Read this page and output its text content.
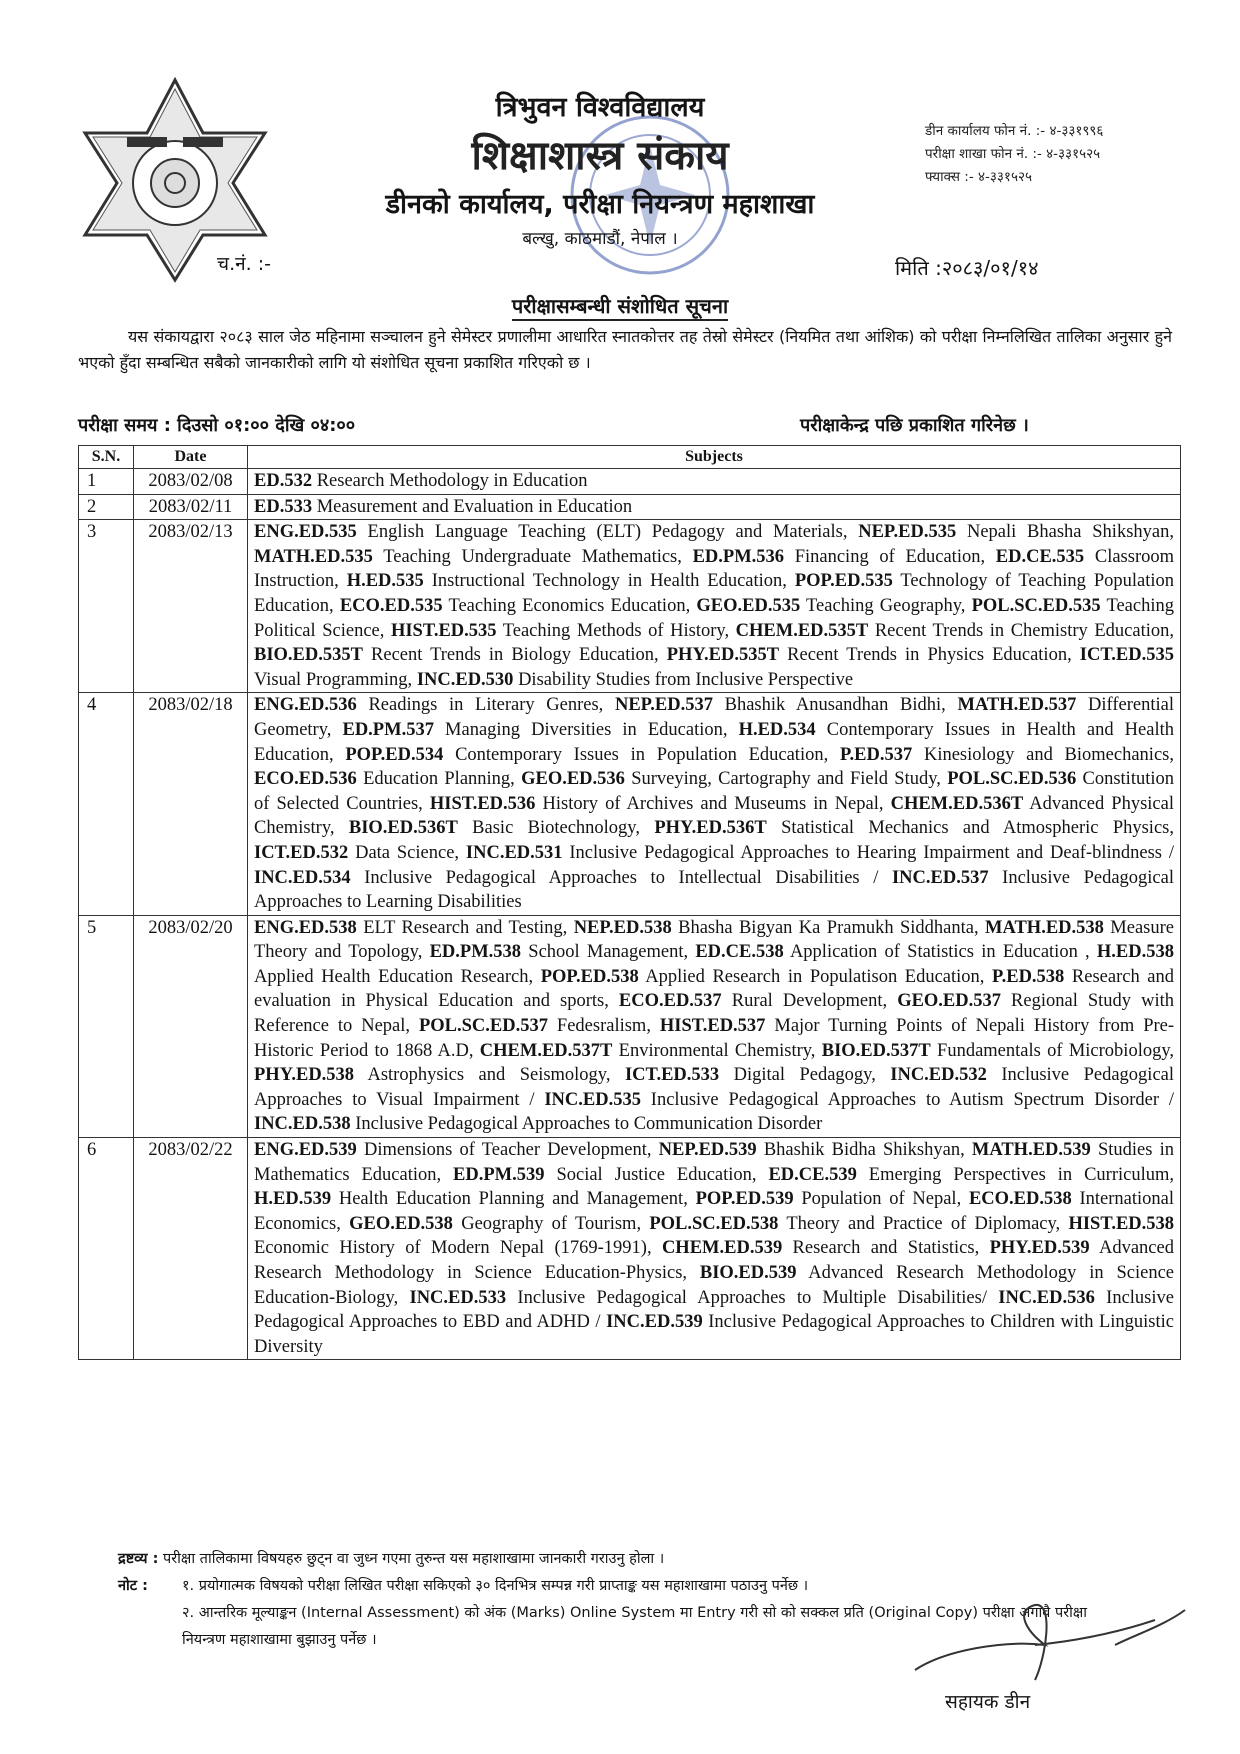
च.नं. :-
त्रिभुवन विश्वविद्यालय
शिक्षाशास्त्र संकाय
डीनको कार्यालय, परीक्षा नियन्त्रण महाशाखा
बल्खु, काठमाडौं, नेपाल ।
डीन कार्यालय फोन नं. :- ४-३३१९९६
परीक्षा शाखा फोन नं. :- ४-३३१५२५
फ्याक्स :- ४-३३१५२५
मिति :२०८३/०१/१४
परीक्षासम्बन्धी संशोधित सूचना
यस संकायद्वारा २०८३ साल जेठ महिनामा सञ्चालन हुने सेमेस्टर प्रणालीमा आधारित स्नातकोत्तर तह तेस्रो सेमेस्टर (नियमित तथा आंशिक) को परीक्षा निम्नलिखित तालिका अनुसार हुने भएको हुँदा सम्बन्धित सबैको जानकारीको लागि यो संशोधित सूचना प्रकाशित गरिएको छ ।
परीक्षा समय : दिउसो ०१:०० देखि ०४:००	परीक्षाकेन्द्र पछि प्रकाशित गरिनेछ ।
S.N.	Date	Subjects
1	2083/02/08	ED.532 Research Methodology in Education
2	2083/02/11	ED.533 Measurement and Evaluation in Education
3	2083/02/13	ENG.ED.535 English Language Teaching (ELT) Pedagogy and Materials, NEP.ED.535 Nepali Bhasha Shikshyan, MATH.ED.535 Teaching Undergraduate Mathematics, ED.PM.536 Financing of Education, ED.CE.535 Classroom Instruction, H.ED.535 Instructional Technology in Health Education, POP.ED.535 Technology of Teaching Population Education, ECO.ED.535 Teaching Economics Education, GEO.ED.535 Teaching Geography, POL.SC.ED.535 Teaching Political Science, HIST.ED.535 Teaching Methods of History, CHEM.ED.535T Recent Trends in Chemistry Education, BIO.ED.535T Recent Trends in Biology Education, PHY.ED.535T Recent Trends in Physics Education, ICT.ED.535 Visual Programming, INC.ED.530 Disability Studies from Inclusive Perspective
4	2083/02/18	ENG.ED.536 Readings in Literary Genres, NEP.ED.537 Bhashik Anusandhan Bidhi, MATH.ED.537 Differential Geometry, ED.PM.537 Managing Diversities in Education, H.ED.534 Contemporary Issues in Health and Health Education, POP.ED.534 Contemporary Issues in Population Education, P.ED.537 Kinesiology and Biomechanics, ECO.ED.536 Education Planning, GEO.ED.536 Surveying, Cartography and Field Study, POL.SC.ED.536 Constitution of Selected Countries, HIST.ED.536 History of Archives and Museums in Nepal, CHEM.ED.536T Advanced Physical Chemistry, BIO.ED.536T Basic Biotechnology, PHY.ED.536T Statistical Mechanics and Atmospheric Physics, ICT.ED.532 Data Science, INC.ED.531 Inclusive Pedagogical Approaches to Hearing Impairment and Deaf-blindness / INC.ED.534 Inclusive Pedagogical Approaches to Intellectual Disabilities / INC.ED.537 Inclusive Pedagogical Approaches to Learning Disabilities
5	2083/02/20	ENG.ED.538 ELT Research and Testing, NEP.ED.538 Bhasha Bigyan Ka Pramukh Siddhanta, MATH.ED.538 Measure Theory and Topology, ED.PM.538 School Management, ED.CE.538 Application of Statistics in Education , H.ED.538 Applied Health Education Research, POP.ED.538 Applied Research in Populatison Education, P.ED.538 Research and evaluation in Physical Education and sports, ECO.ED.537 Rural Development, GEO.ED.537 Regional Study with Reference to Nepal, POL.SC.ED.537 Fedesralism, HIST.ED.537 Major Turning Points of Nepali History from Pre-Historic Period to 1868 A.D, CHEM.ED.537T Environmental Chemistry, BIO.ED.537T Fundamentals of Microbiology, PHY.ED.538 Astrophysics and Seismology, ICT.ED.533 Digital Pedagogy, INC.ED.532 Inclusive Pedagogical Approaches to Visual Impairment / INC.ED.535 Inclusive Pedagogical Approaches to Autism Spectrum Disorder / INC.ED.538 Inclusive Pedagogical Approaches to Communication Disorder
6	2083/02/22	ENG.ED.539 Dimensions of Teacher Development, NEP.ED.539 Bhashik Bidha Shikshyan, MATH.ED.539 Studies in Mathematics Education, ED.PM.539 Social Justice Education, ED.CE.539 Emerging Perspectives in Curriculum, H.ED.539 Health Education Planning and Management, POP.ED.539 Population of Nepal, ECO.ED.538 International Economics, GEO.ED.538 Geography of Tourism, POL.SC.ED.538 Theory and Practice of Diplomacy, HIST.ED.538 Economic History of Modern Nepal (1769-1991), CHEM.ED.539 Research and Statistics, PHY.ED.539 Advanced Research Methodology in Science Education-Physics, BIO.ED.539 Advanced Research Methodology in Science Education-Biology, INC.ED.533 Inclusive Pedagogical Approaches to Multiple Disabilities/ INC.ED.536 Inclusive Pedagogical Approaches to EBD and ADHD / INC.ED.539 Inclusive Pedagogical Approaches to Children with Linguistic Diversity
द्रष्टव्य :
परीक्षा तालिकामा विषयहरु छुट्न वा जुध्न गएमा तुरुन्त यस महाशाखामा जानकारी गराउनु होला ।
नोट :	१. प्रयोगात्मक विषयको परीक्षा लिखित परीक्षा सकिएको ३० दिनभित्र सम्पन्न गरी प्राप्ताङ्क यस महाशाखामा पठाउनु पर्नेछ ।
२. आन्तरिक मूल्याङ्कन (Internal Assessment) को अंक (Marks) Online System मा Entry गरी सो को सक्कल प्रति (Original Copy) परीक्षा अगावै परीक्षा नियन्त्रण महाशाखामा बुझाउनु पर्नेछ ।
सहायक डीन
